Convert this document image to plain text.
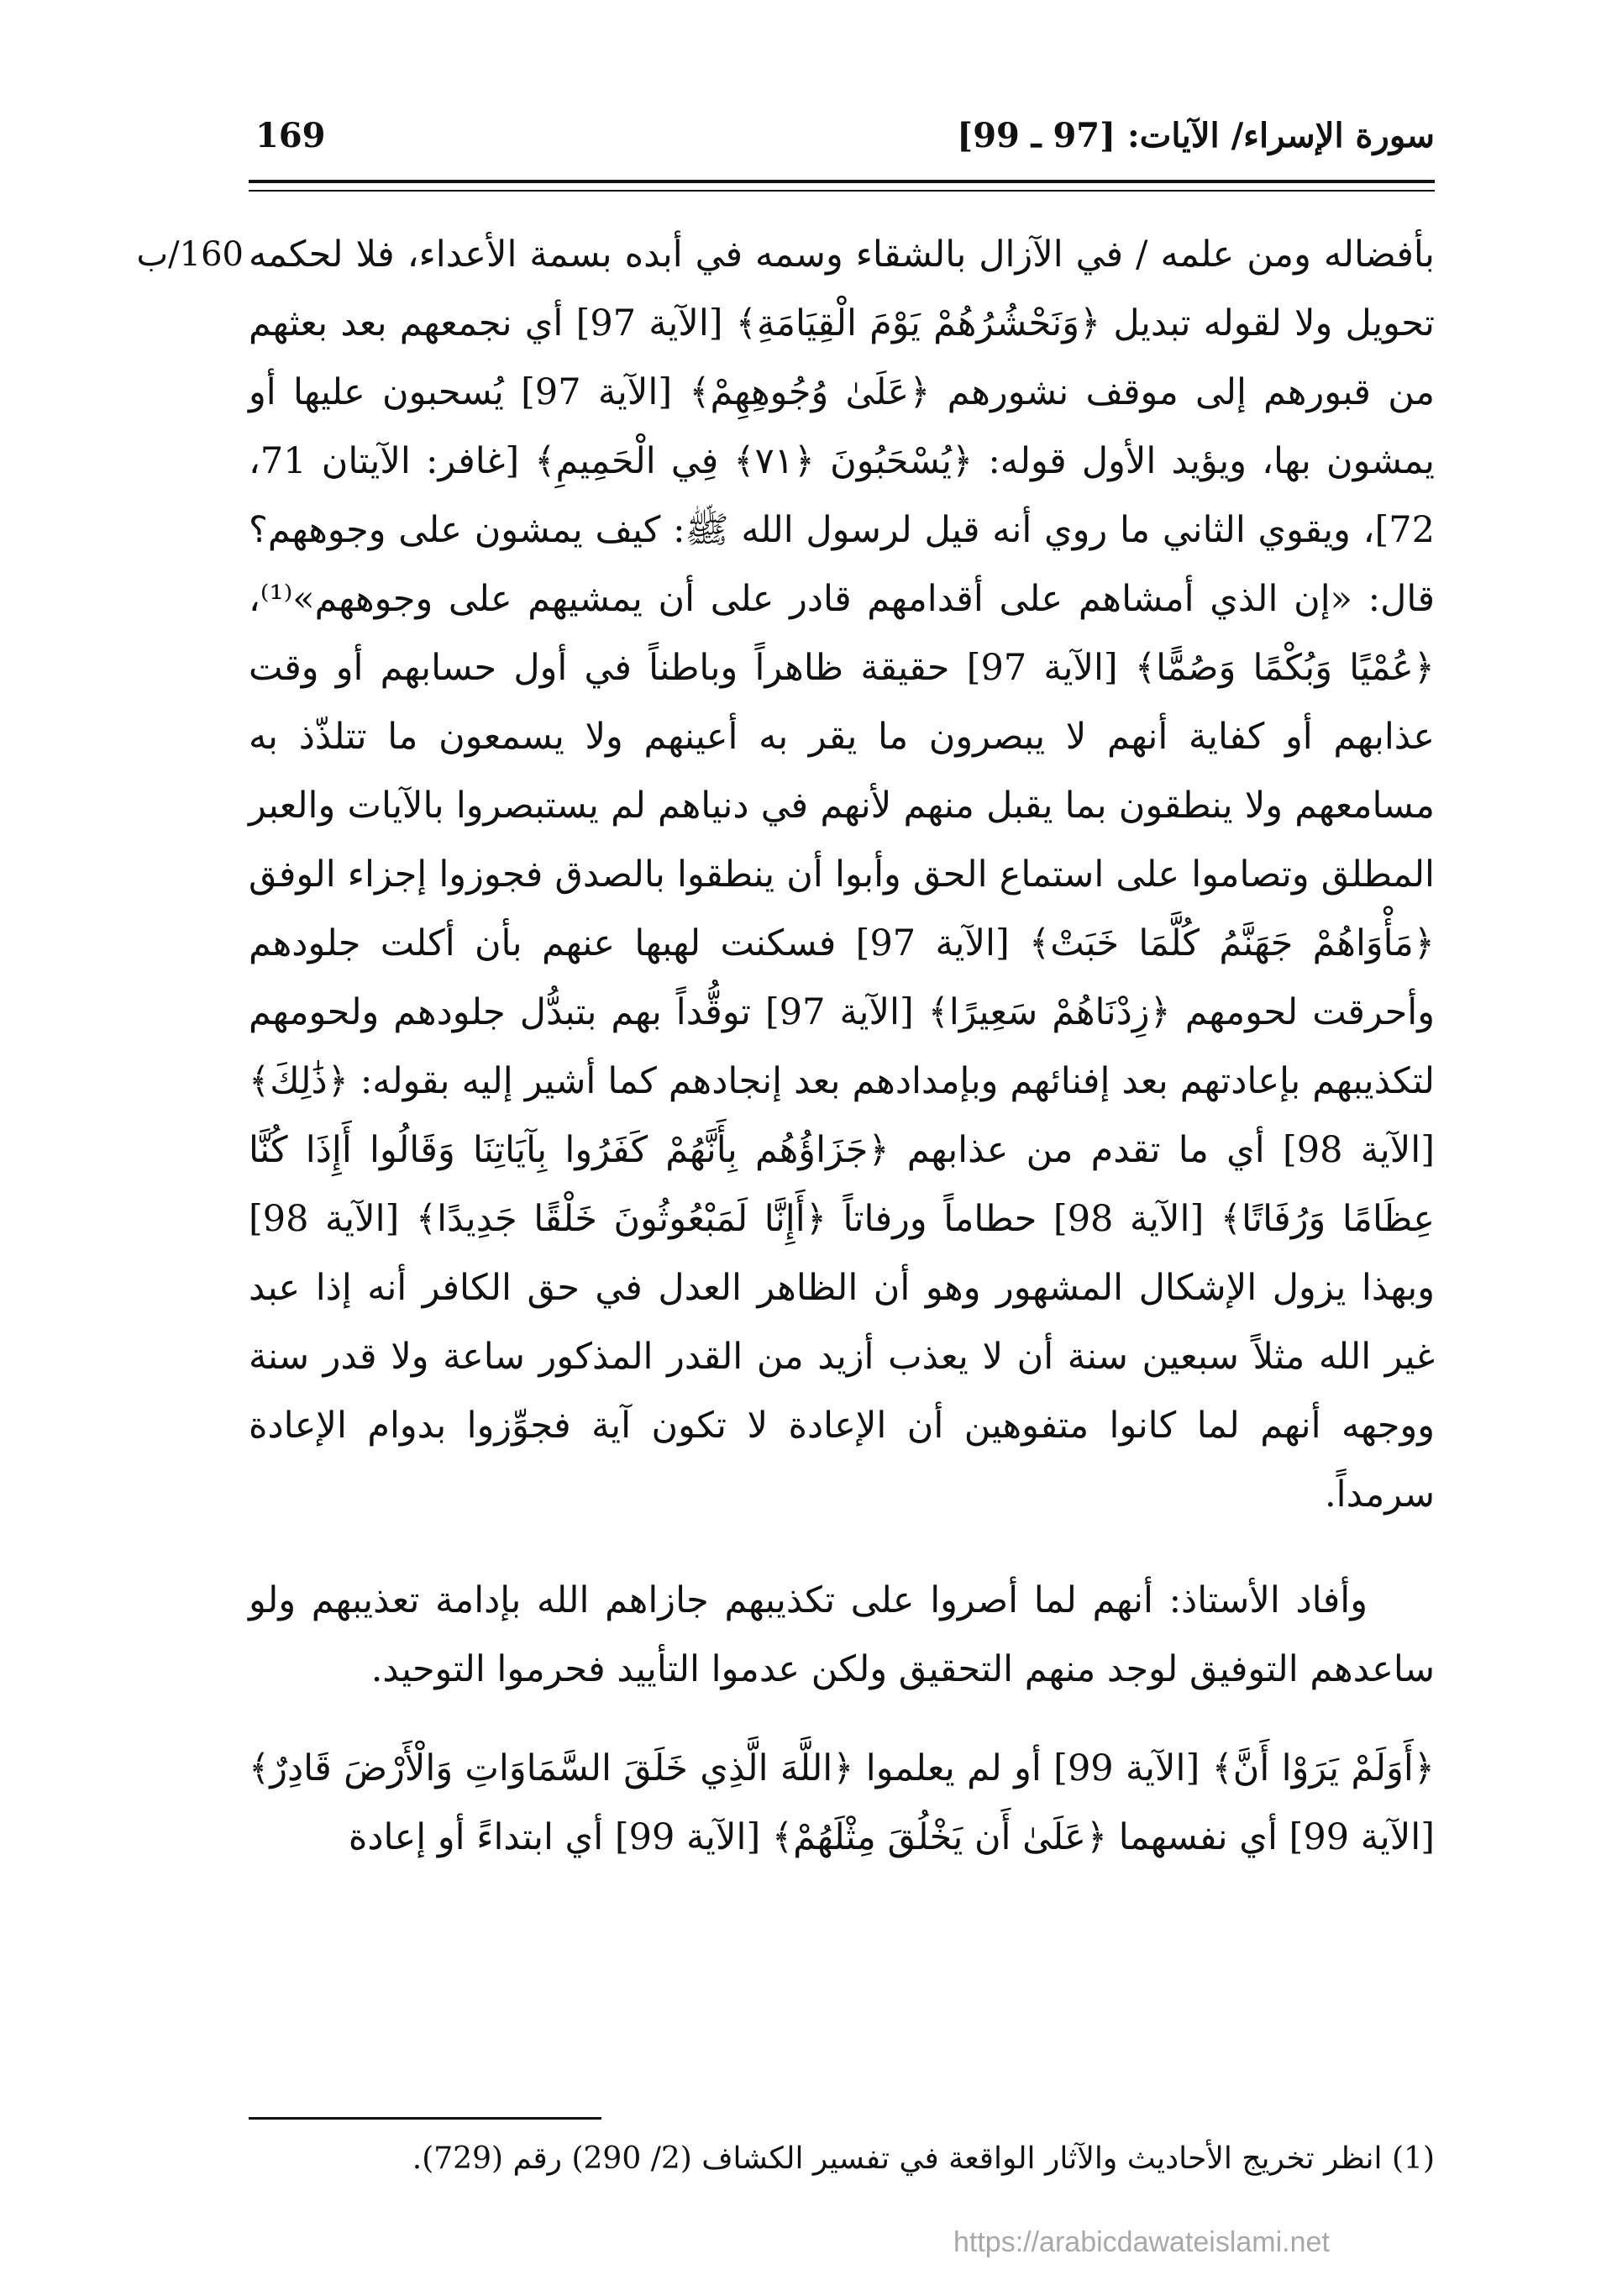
سورة الإسراء/ الآيات: [97 ـ 99]
169
160/ب بأفضاله ومن علمه / في الآزال بالشقاء وسمه في أبده بسمة الأعداء، فلا لحكمه تحويل ولا لقوله تبديل ﴿وَنَحْشُرُهُمْ يَوْمَ الْقِيَامَةِ﴾ [الآية 97] أي نجمعهم بعد بعثهم من قبورهم إلى موقف نشورهم ﴿عَلَىٰ وُجُوهِهِمْ﴾ [الآية 97] يُسحبون عليها أو يمشون بها، ويؤيد الأول قوله: ﴿يُسْحَبُونَ ﴿٧١﴾ فِي الْحَمِيمِ﴾ [غافر: الآيتان 71، 72]، ويقوي الثاني ما روي أنه قيل لرسول الله ﷺ: كيف يمشون على وجوههم؟ قال: «إن الذي أمشاهم على أقدامهم قادر على أن يمشيهم على وجوههم»⁽¹⁾، ﴿عُمْيًا وَبُكْمًا وَصُمًّا﴾ [الآية 97] حقيقة ظاهراً وباطناً في أول حسابهم أو وقت عذابهم أو كفاية أنهم لا يبصرون ما يقر به أعينهم ولا يسمعون ما تتلذّذ به مسامعهم ولا ينطقون بما يقبل منهم لأنهم في دنياهم لم يستبصروا بالآيات والعبر المطلق وتصاموا على استماع الحق وأبوا أن ينطقوا بالصدق فجوزوا إجزاء الوفق ﴿مَأْوَاهُمْ جَهَنَّمُ كُلَّمَا خَبَتْ﴾ [الآية 97] فسكنت لهبها عنهم بأن أكلت جلودهم وأحرقت لحومهم ﴿زِدْنَاهُمْ سَعِيرًا﴾ [الآية 97] توقُّداً بهم بتبدُّل جلودهم ولحومهم لتكذيبهم بإعادتهم بعد إفنائهم وبإمدادهم بعد إنجادهم كما أشير إليه بقوله: ﴿ذَٰلِكَ﴾ [الآية 98] أي ما تقدم من عذابهم ﴿جَزَاؤُهُم بِأَنَّهُمْ كَفَرُوا بِآيَاتِنَا وَقَالُوا أَإِذَا كُنَّا عِظَامًا وَرُفَاتًا﴾ [الآية 98] حطاماً ورفاتاً ﴿أَإِنَّا لَمَبْعُوثُونَ خَلْقًا جَدِيدًا﴾ [الآية 98] وبهذا يزول الإشكال المشهور وهو أن الظاهر العدل في حق الكافر أنه إذا عبد غير الله مثلاً سبعين سنة أن لا يعذب أزيد من القدر المذكور ساعة ولا قدر سنة ووجهه أنهم لما كانوا متفوهين أن الإعادة لا تكون آية فجوِّزوا بدوام الإعادة سرمداً.

وأفاد الأستاذ: أنهم لما أصروا على تكذيبهم جازاهم الله بإدامة تعذيبهم ولو ساعدهم التوفيق لوجد منهم التحقيق ولكن عدموا التأييد فحرموا التوحيد.

﴿أَوَلَمْ يَرَوْا أَنَّ﴾ [الآية 99] أو لم يعلموا ﴿اللَّهَ الَّذِي خَلَقَ السَّمَاوَاتِ وَالْأَرْضَ قَادِرٌ﴾ [الآية 99] أي نفسهما ﴿عَلَىٰ أَن يَخْلُقَ مِثْلَهُمْ﴾ [الآية 99] أي ابتداءً أو إعادة

(1) انظر تخريج الأحاديث والآثار الواقعة في تفسير الكشاف (2/ 290) رقم (729).
https://arabicdawateislami.net
